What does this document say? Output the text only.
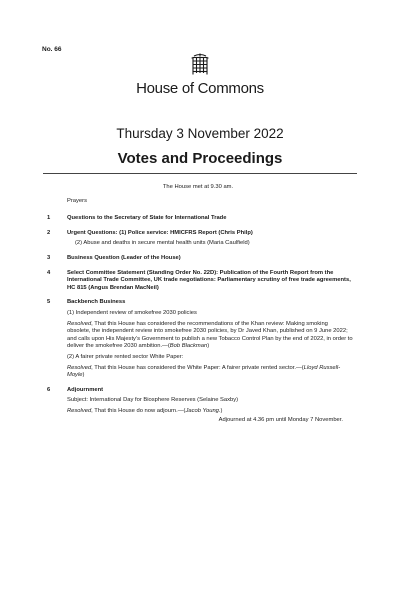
No. 66
House of Commons
Thursday 3 November 2022
Votes and Proceedings
The House met at 9.30 am.
Prayers
1	Questions to the Secretary of State for International Trade
2	Urgent Questions: (1) Police service: HMICFRS Report (Chris Philp)
(2) Abuse and deaths in secure mental health units (Maria Caulfield)
3	Business Question (Leader of the House)
4	Select Committee Statement (Standing Order No. 22D): Publication of the Fourth Report from the International Trade Committee, UK trade negotiations: Parliamentary scrutiny of free trade agreements, HC 815 (Angus Brendan MacNeil)
5	Backbench Business
(1) Independent review of smokefree 2030 policies
Resolved, That this House has considered the recommendations of the Khan review: Making smoking obsolete, the independent review into smokefree 2030 policies, by Dr Javed Khan, published on 9 June 2022; and calls upon His Majesty’s Government to publish a new Tobacco Control Plan by the end of 2022, in order to deliver the smokefree 2030 ambition.—(Bob Blackman)
(2) A fairer private rented sector White Paper:
Resolved, That this House has considered the White Paper: A fairer private rented sector.—(Lloyd Russell-Moyle)
6	Adjournment
Subject: International Day for Biosphere Reserves (Selaine Saxby)
Resolved, That this House do now adjourn.—(Jacob Young.)
Adjourned at 4.36 pm until Monday 7 November.
